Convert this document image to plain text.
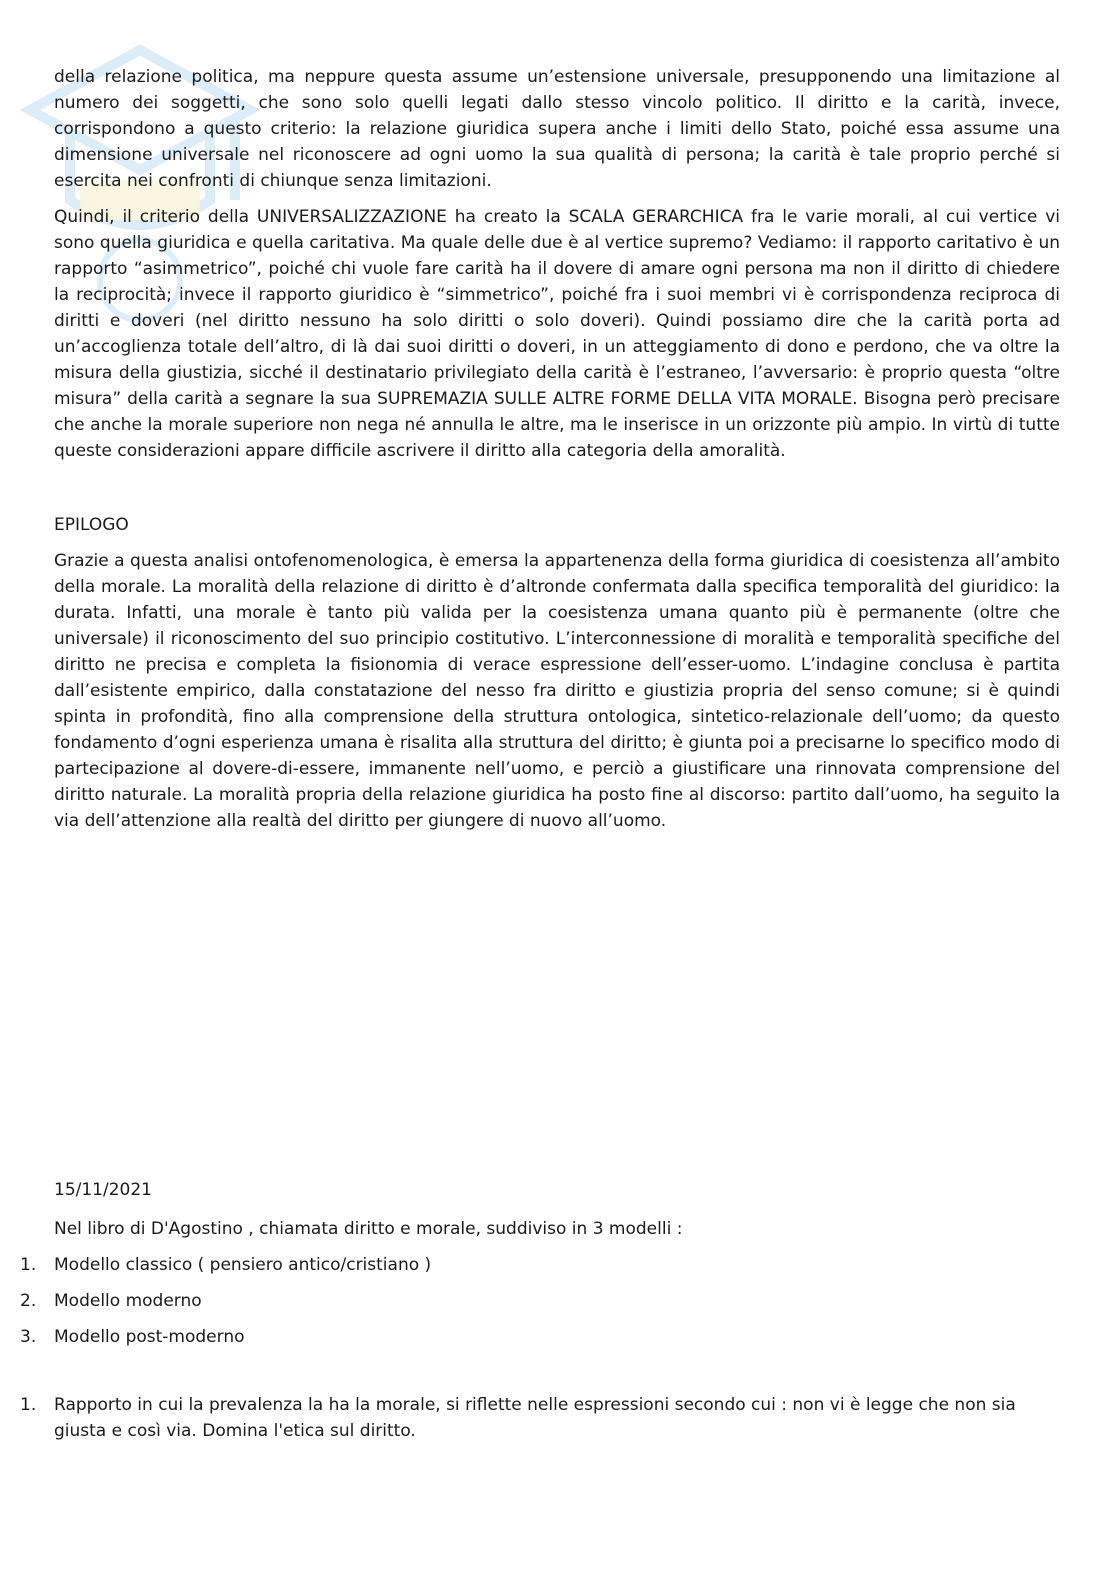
della relazione politica, ma neppure questa assume un’estensione universale, presupponendo una limitazione al numero dei soggetti, che sono solo quelli legati dallo stesso vincolo politico. Il diritto e la carità, invece, corrispondono a questo criterio: la relazione giuridica supera anche i limiti dello Stato, poiché essa assume una dimensione universale nel riconoscere ad ogni uomo la sua qualità di persona; la carità è tale proprio perché si esercita nei confronti di chiunque senza limitazioni.

Quindi, il criterio della UNIVERSALIZZAZIONE ha creato la SCALA GERARCHICA fra le varie morali, al cui vertice vi sono quella giuridica e quella caritativa. Ma quale delle due è al vertice supremo? Vediamo: il rapporto caritativo è un rapporto “asimmetrico”, poiché chi vuole fare carità ha il dovere di amare ogni persona ma non il diritto di chiedere la reciprocità; invece il rapporto giuridico è “simmetrico”, poiché fra i suoi membri vi è corrispondenza reciproca di diritti e doveri (nel diritto nessuno ha solo diritti o solo doveri). Quindi possiamo dire che la carità porta ad un’accoglienza totale dell’altro, di là dai suoi diritti o doveri, in un atteggiamento di dono e perdono, che va oltre la misura della giustizia, sicché il destinatario privilegiato della carità è l’estraneo, l’avversario: è proprio questa “oltre misura” della carità a segnare la sua SUPREMAZIA SULLE ALTRE FORME DELLA VITA MORALE. Bisogna però precisare che anche la morale superiore non nega né annulla le altre, ma le inserisce in un orizzonte più ampio. In virtù di tutte queste considerazioni appare difficile ascrivere il diritto alla categoria della amoralità.

EPILOGO

Grazie a questa analisi ontofenomenologica, è emersa la appartenenza della forma giuridica di coesistenza all’ambito della morale. La moralità della relazione di diritto è d’altronde confermata dalla specifica temporalità del giuridico: la durata. Infatti, una morale è tanto più valida per la coesistenza umana quanto più è permanente (oltre che universale) il riconoscimento del suo principio costitutivo. L’interconnessione di moralità e temporalità specifiche del diritto ne precisa e completa la fisionomia di verace espressione dell’esser-uomo. L’indagine conclusa è partita dall’esistente empirico, dalla constatazione del nesso fra diritto e giustizia propria del senso comune; si è quindi spinta in profondità, fino alla comprensione della struttura ontologica, sintetico-relazionale dell’uomo; da questo fondamento d’ogni esperienza umana è risalita alla struttura del diritto; è giunta poi a precisarne lo specifico modo di partecipazione al dovere-di-essere, immanente nell’uomo, e perciò a giustificare una rinnovata comprensione del diritto naturale. La moralità propria della relazione giuridica ha posto fine al discorso: partito dall’uomo, ha seguito la via dell’attenzione alla realtà del diritto per giungere di nuovo all’uomo.

15/11/2021
Nel libro di D'Agostino , chiamata diritto e morale, suddiviso in 3 modelli :
1. Modello classico ( pensiero antico/cristiano )
2. Modello moderno
3. Modello post-moderno
1. Rapporto in cui la prevalenza la ha la morale, si riflette nelle espressioni secondo cui : non vi è legge che non sia giusta e così via. Domina l'etica sul diritto.
